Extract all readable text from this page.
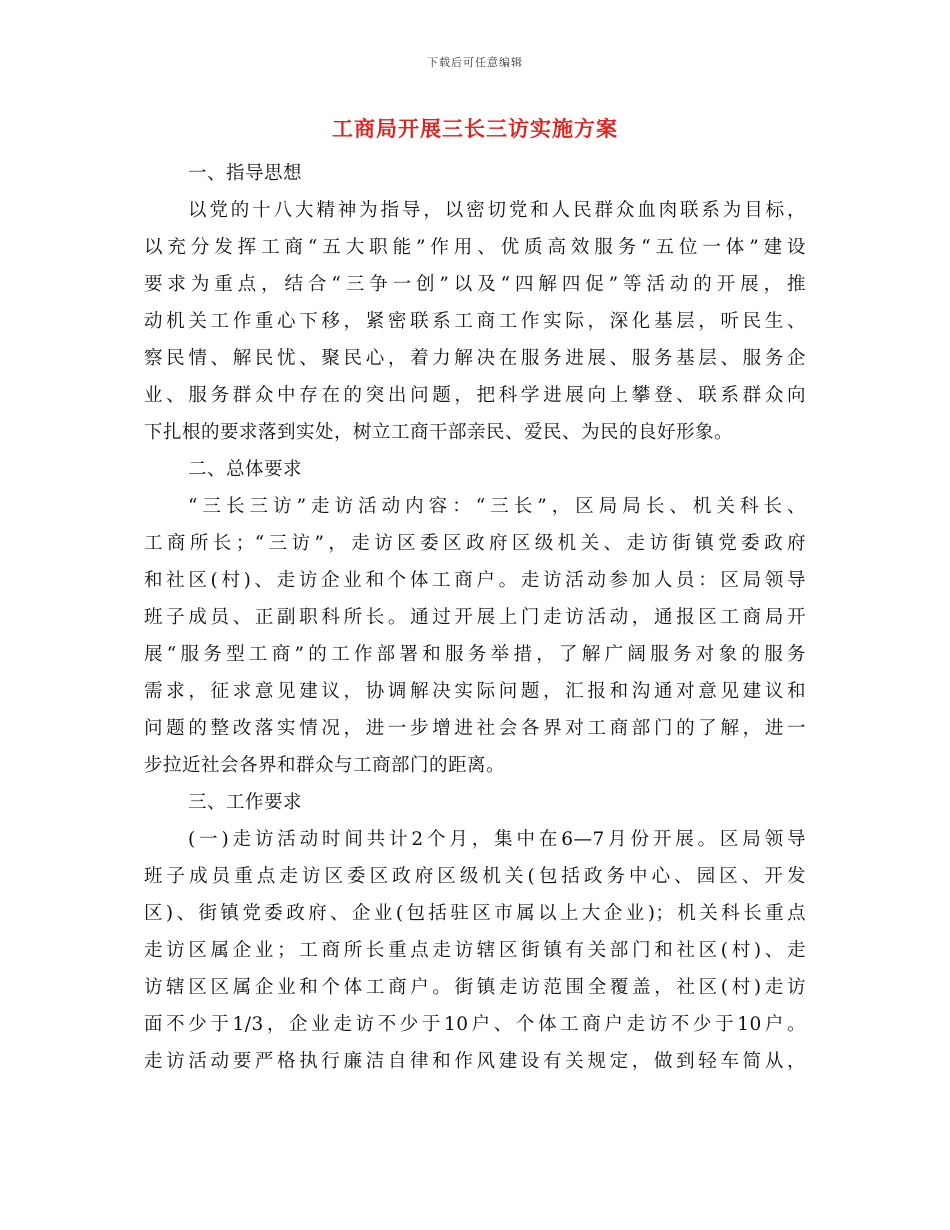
下载后可任意编辑
工商局开展三长三访实施方案
一、指导思想
以党的十八大精神为指导，以密切党和人民群众血肉联系为目标，
以充分发挥工商“五大职能”作用、优质高效服务“五位一体”建设
要求为重点，结合“三争一创”以及“四解四促”等活动的开展，推
动机关工作重心下移，紧密联系工商工作实际，深化基层，听民生、
察民情、解民忧、聚民心，着力解决在服务进展、服务基层、服务企
业、服务群众中存在的突出问题，把科学进展向上攀登、联系群众向
下扎根的要求落到实处，树立工商干部亲民、爱民、为民的良好形象。
二、总体要求
“三长三访”走访活动内容：“三长”，区局局长、机关科长、
工商所长；“三访”，走访区委区政府区级机关、走访街镇党委政府
和社区(村)、走访企业和个体工商户。走访活动参加人员：区局领导
班子成员、正副职科所长。通过开展上门走访活动，通报区工商局开
展“服务型工商”的工作部署和服务举措，了解广阔服务对象的服务
需求，征求意见建议，协调解决实际问题，汇报和沟通对意见建议和
问题的整改落实情况，进一步增进社会各界对工商部门的了解，进一
步拉近社会各界和群众与工商部门的距离。
三、工作要求
(一)走访活动时间共计2个月，集中在6—7月份开展。区局领导
班子成员重点走访区委区政府区级机关(包括政务中心、园区、开发
区)、街镇党委政府、企业(包括驻区市属以上大企业)；机关科长重点
走访区属企业；工商所长重点走访辖区街镇有关部门和社区(村)、走
访辖区区属企业和个体工商户。街镇走访范围全覆盖，社区(村)走访
面不少于1/3，企业走访不少于10户、个体工商户走访不少于10户。
走访活动要严格执行廉洁自律和作风建设有关规定，做到轻车简从，
